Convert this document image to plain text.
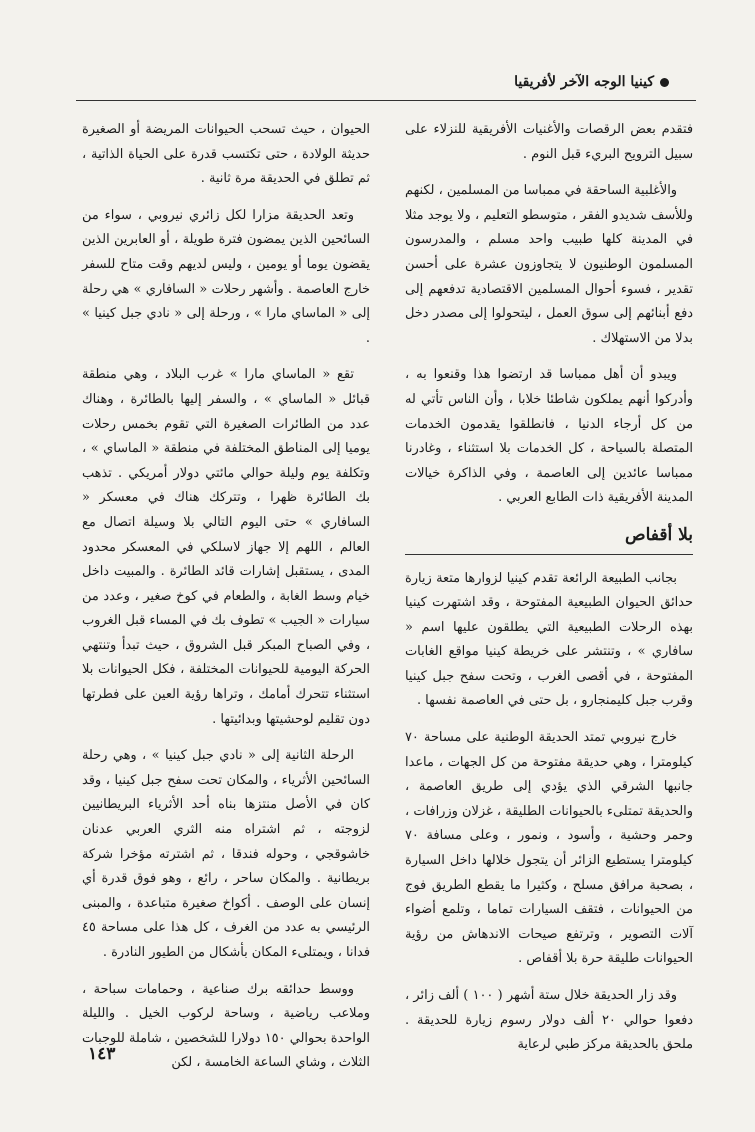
كينيا الوجه الآخر لأفريقيا

فتقدم بعض الرقصات والأغنيات الأفريقية للنزلاء على سبيل الترويح البريء قبل النوم .

والأغلبية الساحقة في ممباسا من المسلمين ، لكنهم وللأسف شديدو الفقر ، متوسطو التعليم ، ولا يوجد مثلا في المدينة كلها طبيب واحد مسلم ، والمدرسون المسلمون الوطنيون لا يتجاوزون عشرة على أحسن تقدير ، فسوء أحوال المسلمين الاقتصادية تدفعهم إلى دفع أبنائهم إلى سوق العمل ، ليتحولوا إلى مصدر دخل بدلا من الاستهلاك .

ويبدو أن أهل ممباسا قد ارتضوا هذا وقنعوا به ، وأدركوا أنهم يملكون شاطئا خلابا ، وأن الناس تأتي له من كل أرجاء الدنيا ، فانطلقوا يقدمون الخدمات المتصلة بالسياحة ، كل الخدمات بلا استثناء ، وغادرنا ممباسا عائدين إلى العاصمة ، وفي الذاكرة خيالات المدينة الأفريقية ذات الطابع العربي .

بلا أقفاص

بجانب الطبيعة الرائعة تقدم كينيا لزوارها متعة زيارة حدائق الحيوان الطبيعية المفتوحة ، وقد اشتهرت كينيا بهذه الرحلات الطبيعية التي يطلقون عليها اسم « سافاري » ، وتنتشر على خريطة كينيا مواقع الغابات المفتوحة ، في أقصى الغرب ، وتحت سفح جبل كينيا وقرب جبل كليمنجارو ، بل حتى في العاصمة نفسها .

خارج نيروبي تمتد الحديقة الوطنية على مساحة ٧٠ كيلومترا ، وهي حديقة مفتوحة من كل الجهات ، ماعدا جانبها الشرقي الذي يؤدي إلى طريق العاصمة ، والحديقة تمتلىء بالحيوانات الطليقة ، غزلان وزرافات ، وحمر وحشية ، وأسود ، ونمور ، وعلى مسافة ٧٠ كيلومترا يستطيع الزائر أن يتجول خلالها داخل السيارة ، بصحبة مرافق مسلح ، وكثيرا ما يقطع الطريق فوج من الحيوانات ، فتقف السيارات تماما ، وتلمع أضواء آلات التصوير ، وترتفع صيحات الاندهاش من رؤية الحيوانات طليقة حرة بلا أقفاص .

وقد زار الحديقة خلال ستة أشهر ( ١٠٠ ) ألف زائر ، دفعوا حوالي ٢٠ ألف دولار رسوم زيارة للحديقة . ملحق بالحديقة مركز طبي لرعاية

الحيوان ، حيث تسحب الحيوانات المريضة أو الصغيرة حديثة الولادة ، حتى تكتسب قدرة على الحياة الذاتية ، ثم تطلق في الحديقة مرة ثانية .

وتعد الحديقة مزارا لكل زائري نيروبي ، سواء من السائحين الذين يمضون فترة طويلة ، أو العابرين الذين يقضون يوما أو يومين ، وليس لديهم وقت متاح للسفر خارج العاصمة . وأشهر رحلات « السافاري » هي رحلة إلى « الماساي مارا » ، ورحلة إلى « نادي جبل كينيا » .

تقع « الماساي مارا » غرب البلاد ، وهي منطقة قبائل « الماساي » ، والسفر إليها بالطائرة ، وهناك عدد من الطائرات الصغيرة التي تقوم بخمس رحلات يوميا إلى المناطق المختلفة في منطقة « الماساي » ، وتكلفة يوم وليلة حوالي مائتي دولار أمريكي . تذهب بك الطائرة ظهرا ، وتتركك هناك في معسكر « السافاري » حتى اليوم التالي بلا وسيلة اتصال مع العالم ، اللهم إلا جهاز لاسلكي في المعسكر محدود المدى ، يستقبل إشارات قائد الطائرة . والمبيت داخل خيام وسط الغابة ، والطعام في كوخ صغير ، وعدد من سيارات « الجيب » تطوف بك في المساء قبل الغروب ، وفي الصباح المبكر قبل الشروق ، حيث تبدأ وتنتهي الحركة اليومية للحيوانات المختلفة ، فكل الحيوانات بلا استثناء تتحرك أمامك ، وتراها رؤية العين على فطرتها دون تقليم لوحشيتها وبدائيتها .

الرحلة الثانية إلى « نادي جبل كينيا » ، وهي رحلة السائحين الأثرياء ، والمكان تحت سفح جبل كينيا ، وقد كان في الأصل منتزها بناه أحد الأثرياء البريطانيين لزوجته ، ثم اشتراه منه الثري العربي عدنان خاشوقجي ، وحوله فندقا ، ثم اشترته مؤخرا شركة بريطانية . والمكان ساحر ، رائع ، وهو فوق قدرة أي إنسان على الوصف . أكواخ صغيرة متباعدة ، والمبنى الرئيسي به عدد من الغرف ، كل هذا على مساحة ٤٥ فدانا ، ويمتلىء المكان بأشكال من الطيور النادرة .

ووسط حدائقه برك صناعية ، وحمامات سباحة ، وملاعب رياضية ، وساحة لركوب الخيل . والليلة الواحدة بحوالي ١٥٠ دولارا للشخصين ، شاملة للوجبات الثلاث ، وشاي الساعة الخامسة ، لكن

١٤٣
